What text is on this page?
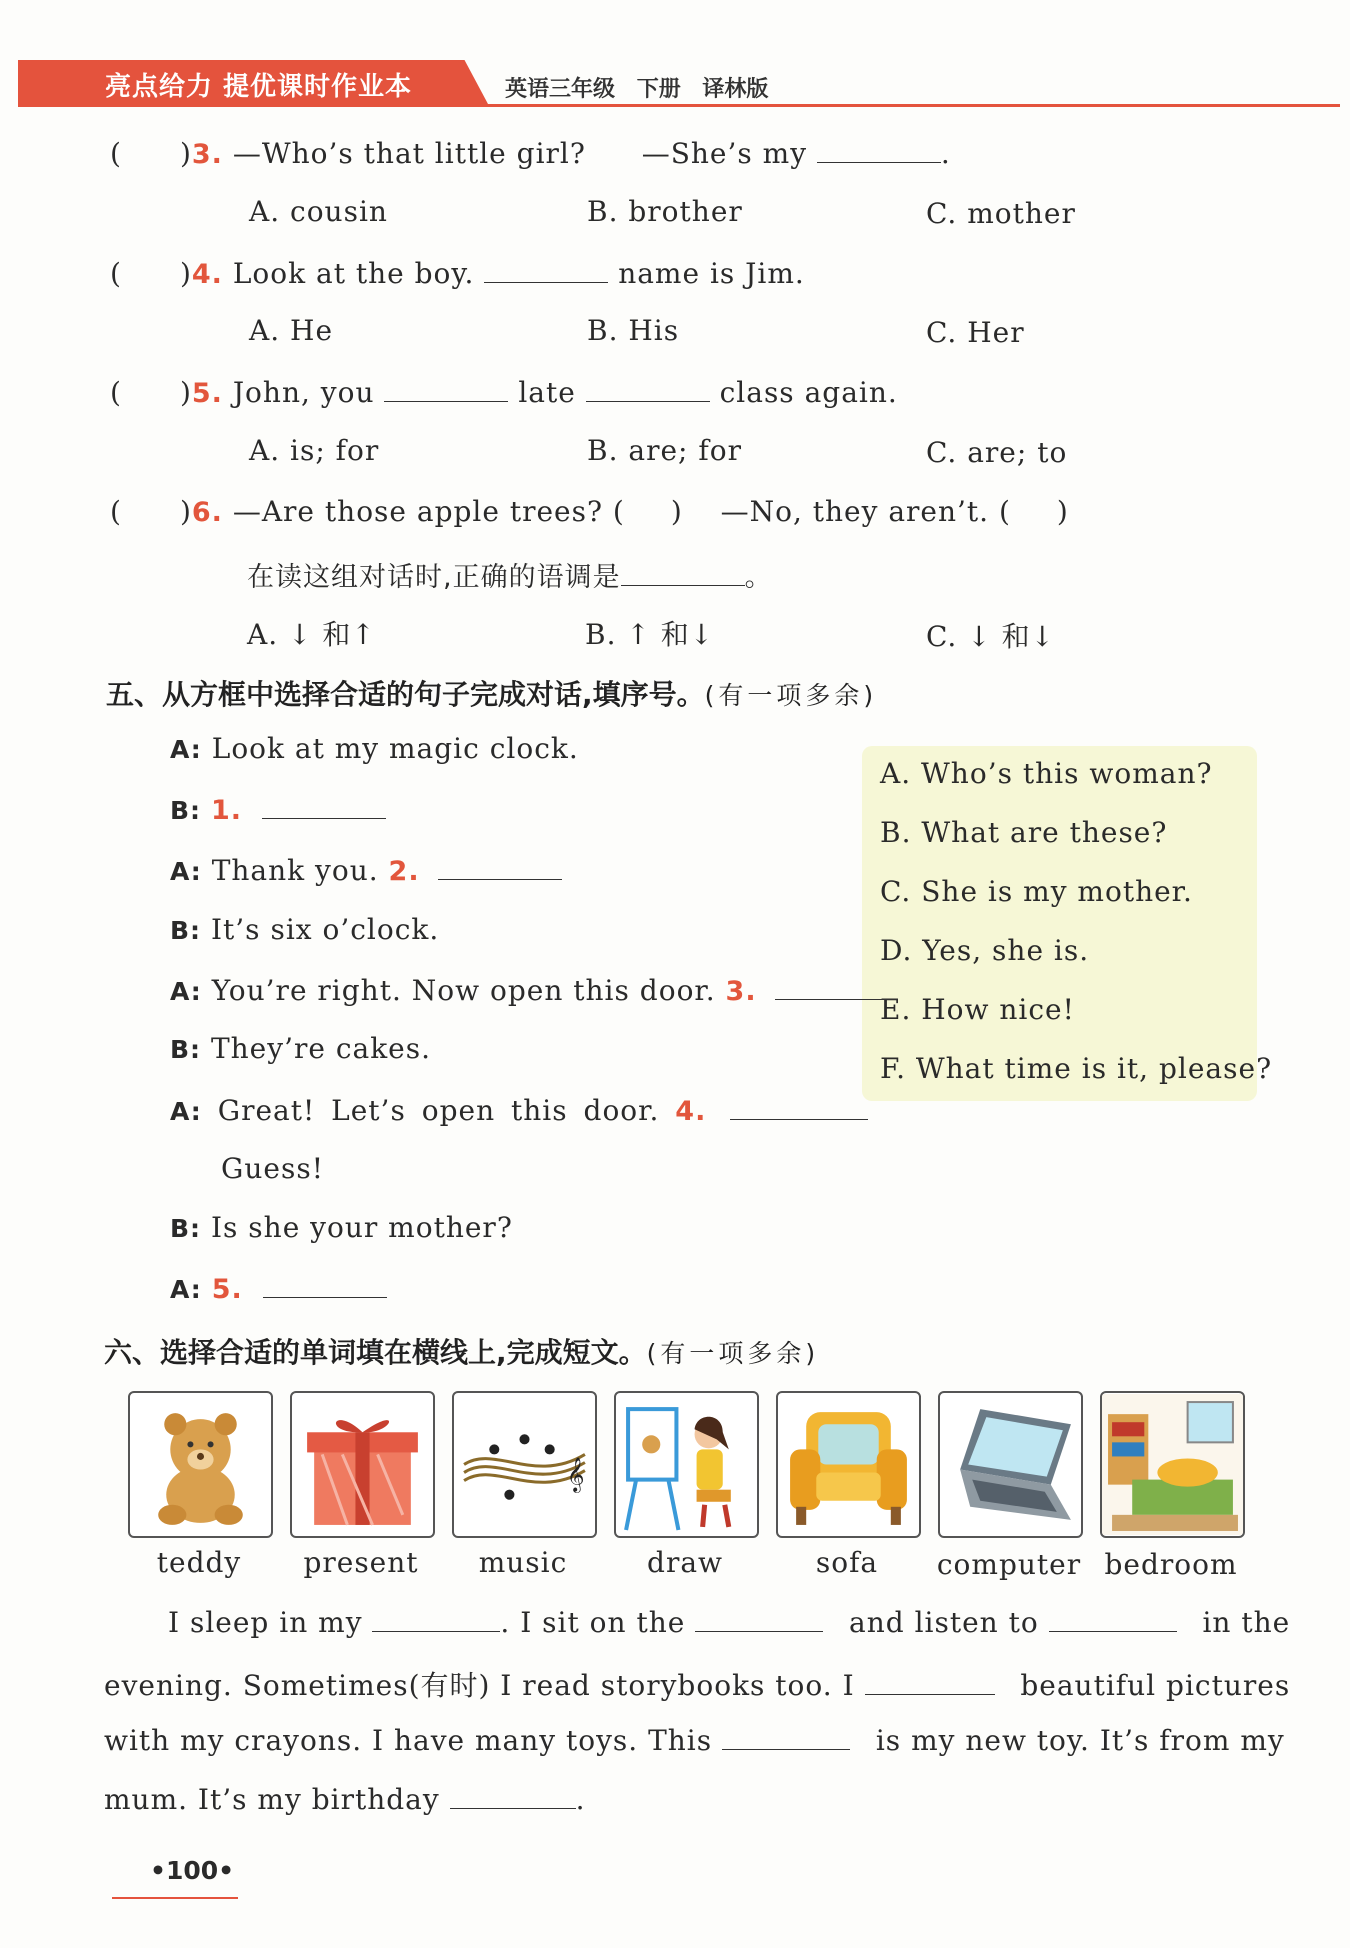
亮点给力 提优课时作业本	英语三年级 下册 译林版
( )3. —Who’s that little girl? —She’s my	.
A. cousin	B. brother	C. mother
( )4. Look at the boy.	name is Jim.
A. He	B. His	C. Her
( )5. John, you	late	class again.
A. is; for	B. are; for	C. are; to
( )6. —Are those apple trees? ( ) —No, they aren’t. ( )
在读这组对话时,正确的语调是	。
A. ↓ 和↑	B. ↑ 和↓	C. ↓ 和↓
五、从方框中选择合适的句子完成对话,填序号。(有一项多余)
A. Who’s this woman?
B. What are these?
C. She is my mother.
D. Yes, she is.
E. How nice!
F. What time is it, please?
A: Look at my magic clock.
B: 1.
A: Thank you. 2.
B: It’s six o’clock.
A: You’re right. Now open this door. 3.
B: They’re cakes.
A: Great! Let’s open this door. 4.
Guess!
B: Is she your mother?
A: 5.
六、选择合适的单词填在横线上,完成短文。(有一项多余)
𝄞
teddy	present	music	draw	sofa	computer bedroom
I sleep in my	. I sit on the	and listen to	in the
evening. Sometimes(有时) I read storybooks too. I	beautiful pictures
with my crayons. I have many toys. This	is my new toy. It’s from my
mum. It’s my birthday	.
•100•
